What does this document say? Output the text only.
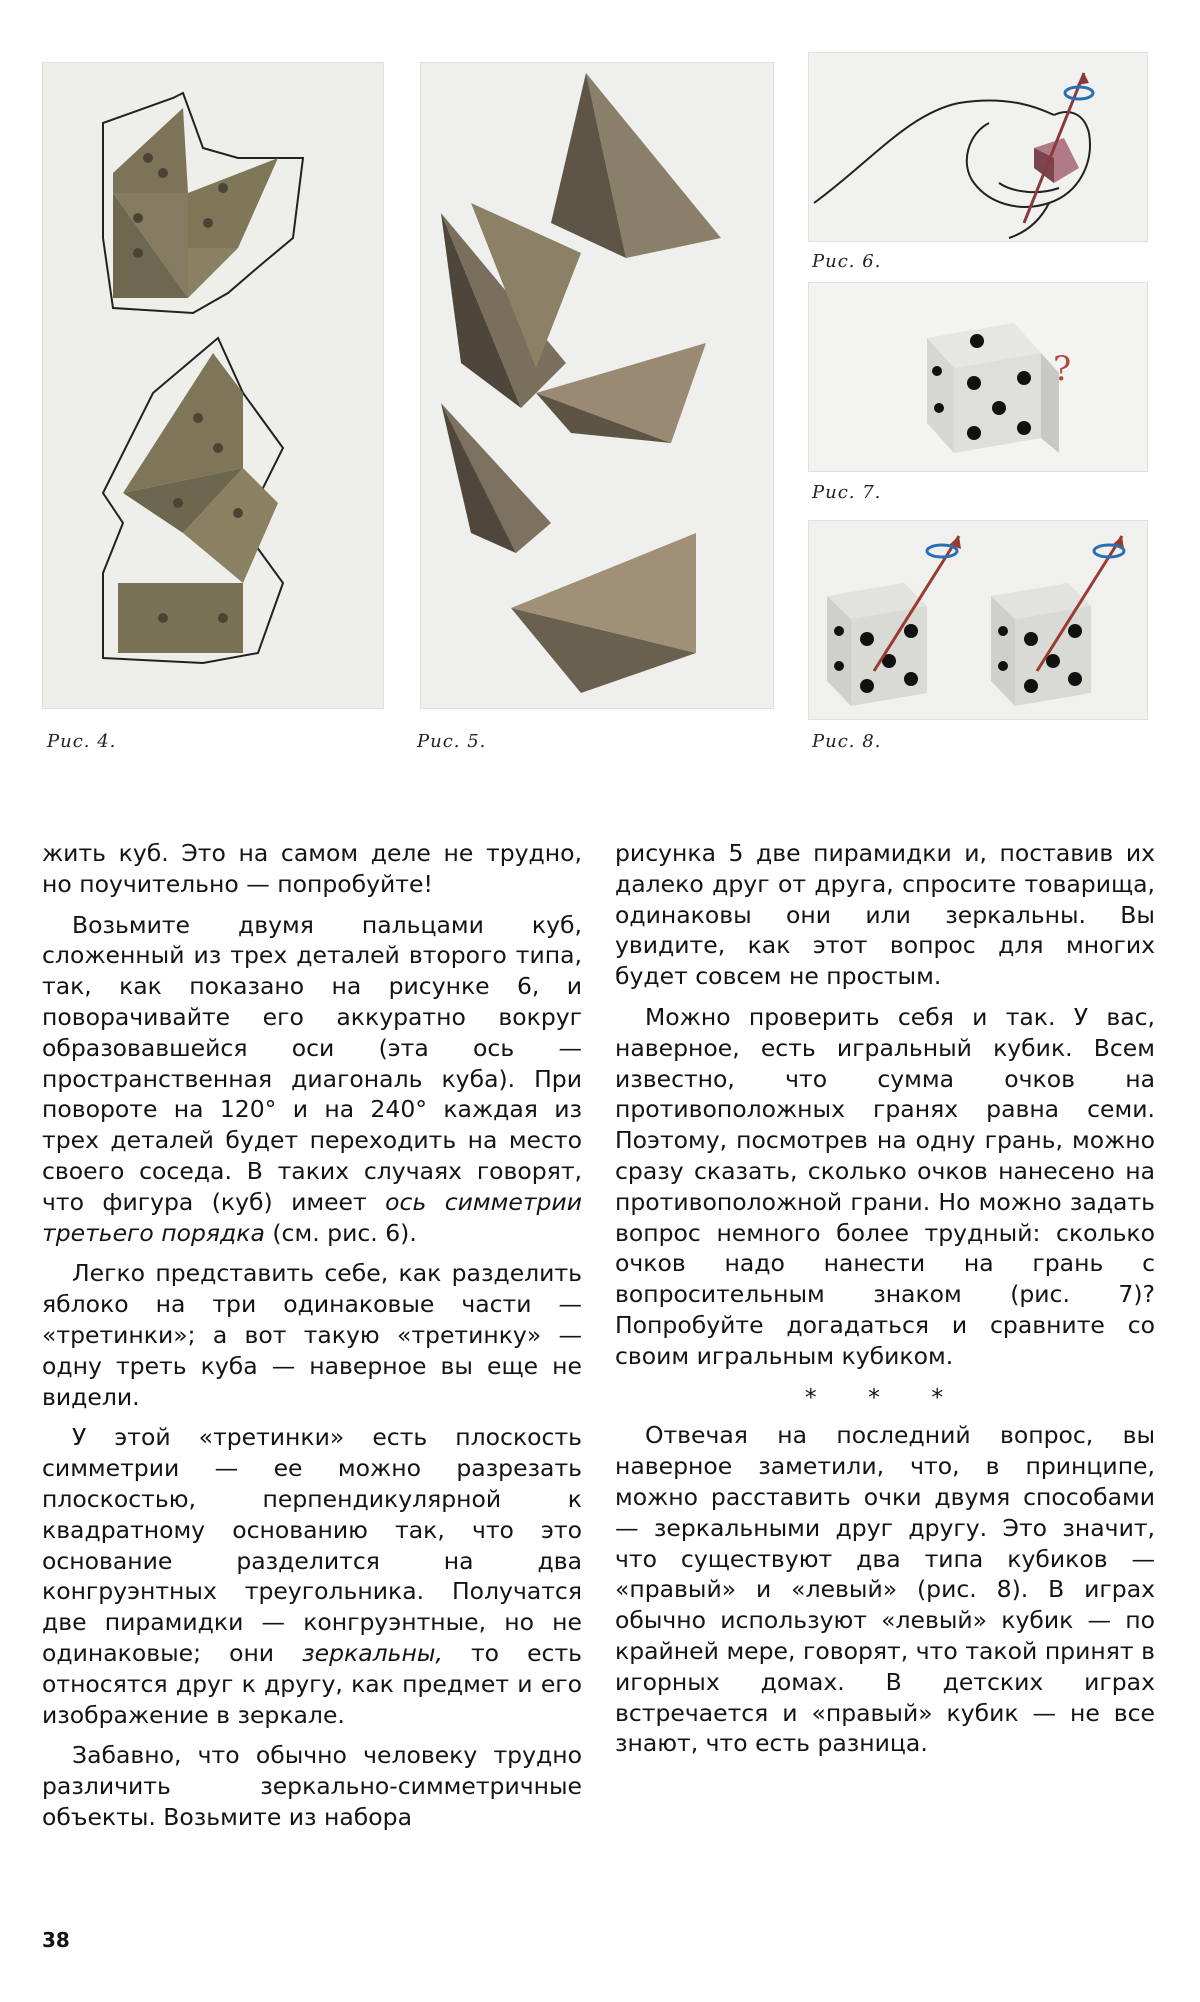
Рис. 6.
?
Рис. 7.
Рис. 4.	Рис. 5.	Рис. 8.

жить куб. Это на самом деле не трудно, но поучительно — попробуйте!

Возьмите двумя пальцами куб, сложенный из трех деталей второго типа, так, как показано на рисунке 6, и поворачивайте его аккуратно вокруг образовавшейся оси (эта ось — пространственная диагональ куба). При повороте на 120° и на 240° каждая из трех деталей будет переходить на место своего соседа. В таких случаях говорят, что фигура (куб) имеет ось симметрии третьего порядка (см. рис. 6).

Легко представить себе, как разделить яблоко на три одинаковые части — «третинки»; а вот такую «третинку» — одну треть куба — наверное вы еще не видели.

У этой «третинки» есть плоскость симметрии — ее можно разрезать плоскостью, перпендикулярной к квадратному основанию так, что это основание разделится на два конгруэнтных треугольника. Получатся две пирамидки — конгруэнтные, но не одинаковые; они зеркальны, то есть относятся друг к другу, как предмет и его изображение в зеркале.

Забавно, что обычно человеку трудно различить зеркально-симметричные объекты. Возьмите из набора

рисунка 5 две пирамидки и, поставив их далеко друг от друга, спросите товарища, одинаковы они или зеркальны. Вы увидите, как этот вопрос для многих будет совсем не простым.

Можно проверить себя и так. У вас, наверное, есть игральный кубик. Всем известно, что сумма очков на противоположных гранях равна семи. Поэтому, посмотрев на одну грань, можно сразу сказать, сколько очков нанесено на противоположной грани. Но можно задать вопрос немного более трудный: сколько очков надо нанести на грань с вопросительным знаком (рис. 7)? Попробуйте догадаться и сравните со своим игральным кубиком.

* * *

Отвечая на последний вопрос, вы наверное заметили, что, в принципе, можно расставить очки двумя способами — зеркальными друг другу. Это значит, что существуют два типа кубиков — «правый» и «левый» (рис. 8). В играх обычно используют «левый» кубик — по крайней мере, говорят, что такой принят в игорных домах. В детских играх встречается и «правый» кубик — не все знают, что есть разница.

38
